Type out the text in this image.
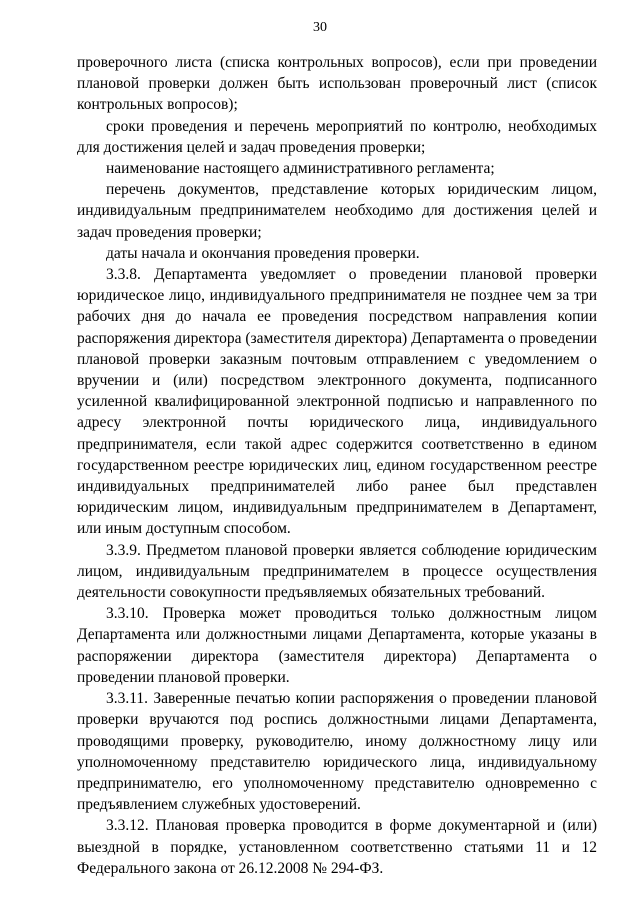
30

проверочного листа (списка контрольных вопросов), если при проведении плановой проверки должен быть использован проверочный лист (список контрольных вопросов);

сроки проведения и перечень мероприятий по контролю, необходимых для достижения целей и задач проведения проверки;

наименование настоящего административного регламента;

перечень документов, представление которых юридическим лицом, индивидуальным предпринимателем необходимо для достижения целей и задач проведения проверки;

даты начала и окончания проведения проверки.

3.3.8. Департамента уведомляет о проведении плановой проверки юридическое лицо, индивидуального предпринимателя не позднее чем за три рабочих дня до начала ее проведения посредством направления копии распоряжения директора (заместителя директора) Департамента о проведении плановой проверки заказным почтовым отправлением с уведомлением о вручении и (или) посредством электронного документа, подписанного усиленной квалифицированной электронной подписью и направленного по адресу электронной почты юридического лица, индивидуального предпринимателя, если такой адрес содержится соответственно в едином государственном реестре юридических лиц, едином государственном реестре индивидуальных предпринимателей либо ранее был представлен юридическим лицом, индивидуальным предпринимателем в Департамент, или иным доступным способом.

3.3.9. Предметом плановой проверки является соблюдение юридическим лицом, индивидуальным предпринимателем в процессе осуществления деятельности совокупности предъявляемых обязательных требований.

3.3.10. Проверка может проводиться только должностным лицом Департамента или должностными лицами Департамента, которые указаны в распоряжении директора (заместителя директора) Департамента о проведении плановой проверки.

3.3.11. Заверенные печатью копии распоряжения о проведении плановой проверки вручаются под роспись должностными лицами Департамента, проводящими проверку, руководителю, иному должностному лицу или уполномоченному представителю юридического лица, индивидуальному предпринимателю, его уполномоченному представителю одновременно с предъявлением служебных удостоверений.

3.3.12. Плановая проверка проводится в форме документарной и (или) выездной в порядке, установленном соответственно статьями 11 и 12 Федерального закона от 26.12.2008 № 294-ФЗ.
